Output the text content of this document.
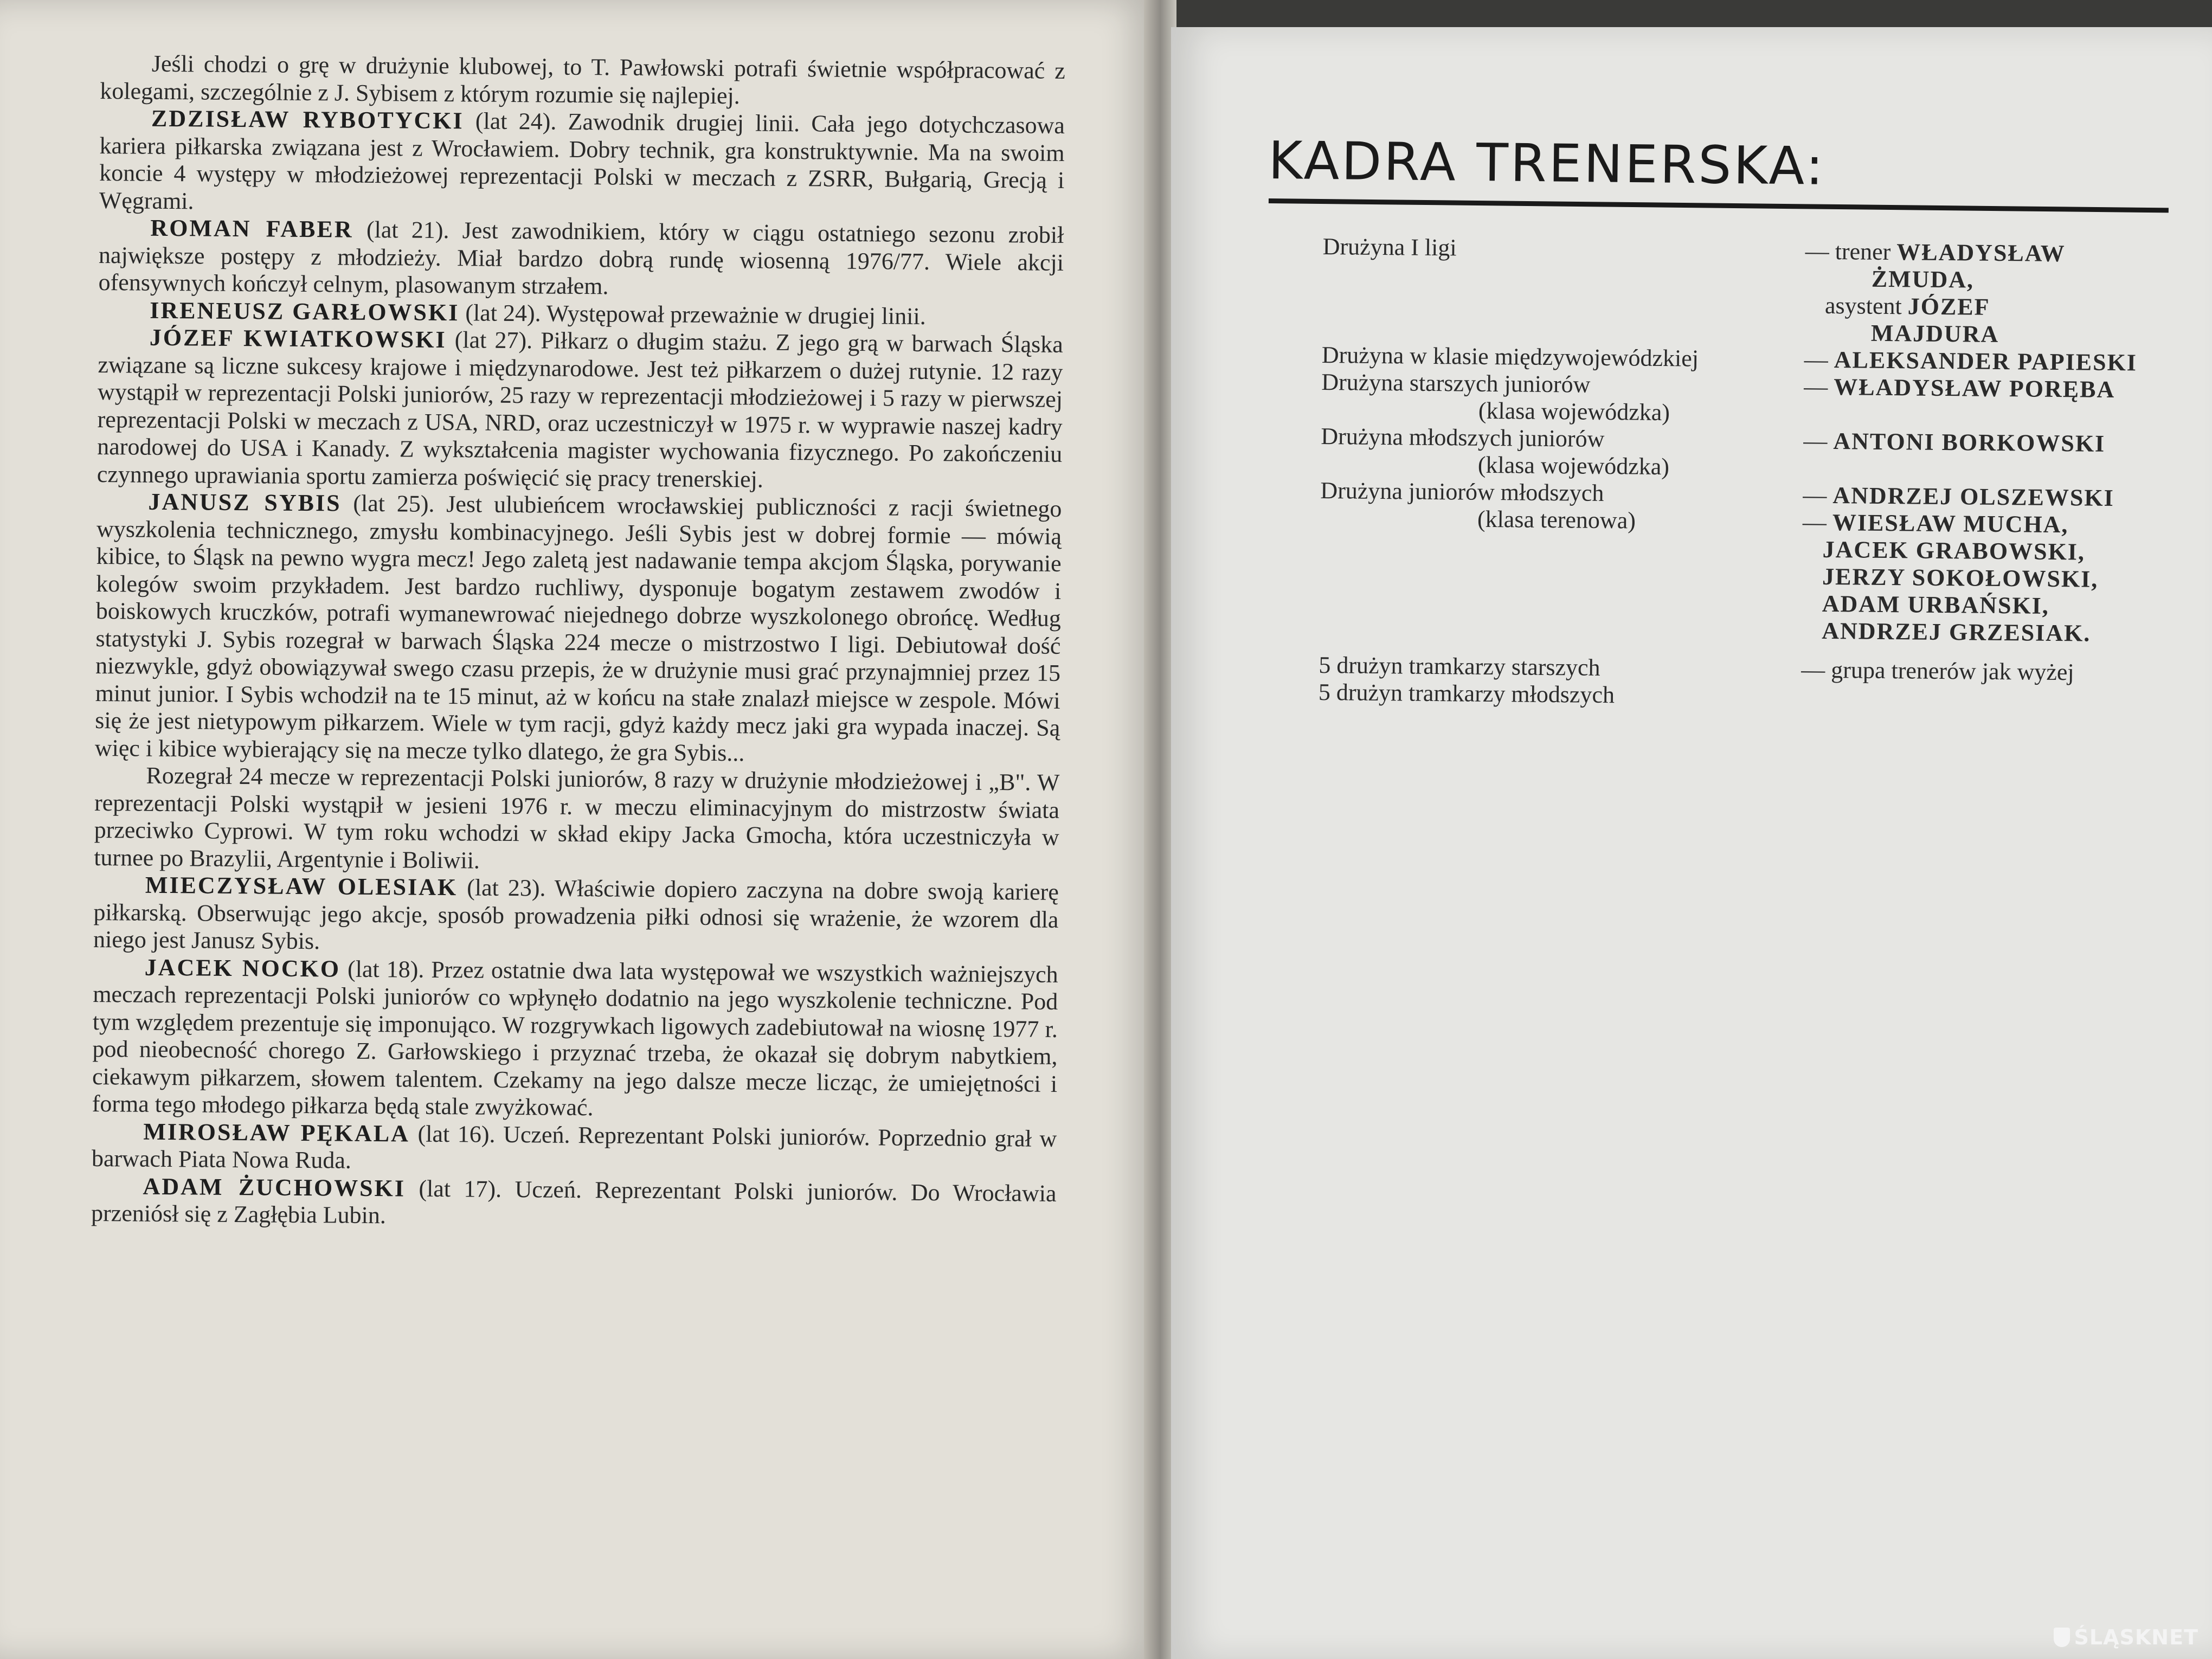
Jeśli chodzi o grę w drużynie klubowej, to T. Pawłowski potrafi świetnie współpracować z kolegami, szczególnie z J. Sybisem z którym rozumie się najlepiej.

ZDZISŁAW RYBOTYCKI (lat 24). Zawodnik drugiej linii. Cała jego dotychczasowa kariera piłkarska związana jest z Wrocławiem. Dobry technik, gra konstruktywnie. Ma na swoim koncie 4 występy w młodzieżowej reprezentacji Polski w meczach z ZSRR, Bułgarią, Grecją i Węgrami.

ROMAN FABER (lat 21). Jest zawodnikiem, który w ciągu ostatniego sezonu zrobił największe postępy z młodzieży. Miał bardzo dobrą rundę wiosenną 1976/77. Wiele akcji ofensywnych kończył celnym, plasowanym strzałem.

IRENEUSZ GARŁOWSKI (lat 24). Występował przeważnie w drugiej linii.

JÓZEF KWIATKOWSKI (lat 27). Piłkarz o długim stażu. Z jego grą w barwach Śląska związane są liczne sukcesy krajowe i międzynarodowe. Jest też piłkarzem o dużej rutynie. 12 razy wystąpił w reprezentacji Polski juniorów, 25 razy w reprezentacji młodzieżowej i 5 razy w pierwszej reprezentacji Polski w meczach z USA, NRD, oraz uczestniczył w 1975 r. w wyprawie naszej kadry narodowej do USA i Kanady. Z wykształcenia magister wychowania fizycznego. Po zakończeniu czynnego uprawiania sportu zamierza poświęcić się pracy trenerskiej.

JANUSZ SYBIS (lat 25). Jest ulubieńcem wrocławskiej publiczności z racji świetnego wyszkolenia technicznego, zmysłu kombinacyjnego. Jeśli Sybis jest w dobrej formie — mówią kibice, to Śląsk na pewno wygra mecz! Jego zaletą jest nadawanie tempa akcjom Śląska, porywanie kolegów swoim przykładem. Jest bardzo ruchliwy, dysponuje bogatym zestawem zwodów i boiskowych kruczków, potrafi wymanewrować niejednego dobrze wyszkolonego obrońcę. Według statystyki J. Sybis rozegrał w barwach Śląska 224 mecze o mistrzostwo I ligi. Debiutował dość niezwykle, gdyż obowiązywał swego czasu przepis, że w drużynie musi grać przynajmniej przez 15 minut junior. I Sybis wchodził na te 15 minut, aż w końcu na stałe znalazł miejsce w zespole. Mówi się że jest nietypowym piłkarzem. Wiele w tym racji, gdyż każdy mecz jaki gra wypada inaczej. Są więc i kibice wybierający się na mecze tylko dlatego, że gra Sybis...

Rozegrał 24 mecze w reprezentacji Polski juniorów, 8 razy w drużynie młodzieżowej i „B". W reprezentacji Polski wystąpił w jesieni 1976 r. w meczu eliminacyjnym do mistrzostw świata przeciwko Cyprowi. W tym roku wchodzi w skład ekipy Jacka Gmocha, która uczestniczyła w turnee po Brazylii, Argentynie i Boliwii.

MIECZYSŁAW OLESIAK (lat 23). Właściwie dopiero zaczyna na dobre swoją karierę piłkarską. Obserwując jego akcje, sposób prowadzenia piłki odnosi się wrażenie, że wzorem dla niego jest Janusz Sybis.

JACEK NOCKO (lat 18). Przez ostatnie dwa lata występował we wszystkich ważniejszych meczach reprezentacji Polski juniorów co wpłynęło dodatnio na jego wyszkolenie techniczne. Pod tym względem prezentuje się imponująco. W rozgrywkach ligowych zadebiutował na wiosnę 1977 r. pod nieobecność chorego Z. Garłowskiego i przyznać trzeba, że okazał się dobrym nabytkiem, ciekawym piłkarzem, słowem talentem. Czekamy na jego dalsze mecze licząc, że umiejętności i forma tego młodego piłkarza będą stale zwyżkować.

MIROSŁAW PĘKALA (lat 16). Uczeń. Reprezentant Polski juniorów. Poprzednio grał w barwach Piata Nowa Ruda.

ADAM ŻUCHOWSKI (lat 17). Uczeń. Reprezentant Polski juniorów. Do Wrocławia przeniósł się z Zagłębia Lubin.

KADRA TRENERSKA:
Drużyna I ligi	— trener WŁADYSŁAW
ŻMUDA,
asystent JÓZEF
MAJDURA
Drużyna w klasie międzywojewódzkiej	— ALEKSANDER PAPIESKI
Drużyna starszych juniorów	— WŁADYSŁAW PORĘBA
(klasa wojewódzka)
Drużyna młodszych juniorów	— ANTONI BORKOWSKI
(klasa wojewódzka)
Drużyna juniorów młodszych	— ANDRZEJ OLSZEWSKI
(klasa terenowa)	— WIESŁAW MUCHA,
JACEK GRABOWSKI,
JERZY SOKOŁOWSKI,
ADAM URBAŃSKI,
ANDRZEJ GRZESIAK.
5 drużyn tramkarzy starszych	— grupa trenerów jak wyżej
5 drużyn tramkarzy młodszych
ŚLĄSKNET
